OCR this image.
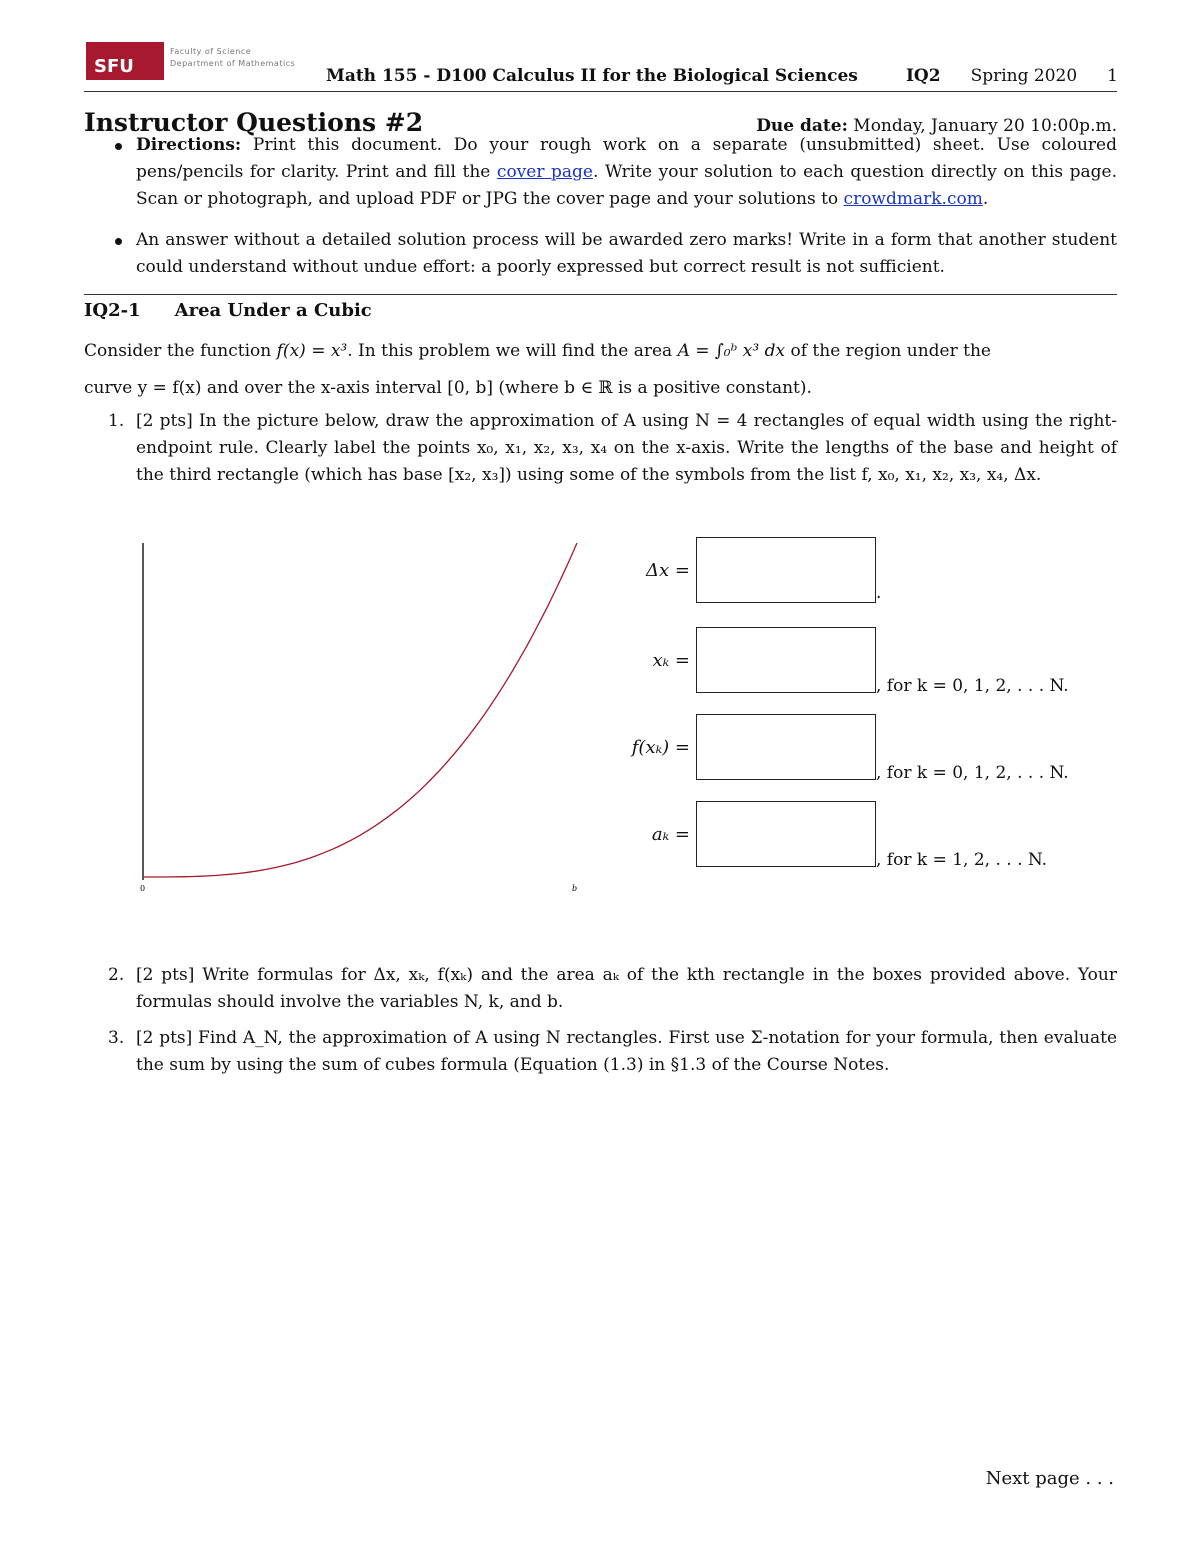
SFU
Faculty of Science
Department of Mathematics
Math 155 - D100 Calculus II for the Biological Sciences	IQ2 Spring 2020 1
Instructor Questions #2	Due date: Monday, January 20 10:00p.m.
Directions: Print this document. Do your rough work on a separate (unsubmitted) sheet. Use coloured pens/pencils for clarity. Print and fill the cover page. Write your solution to each question directly on this page. Scan or photograph, and upload PDF or JPG the cover page and your solutions to crowdmark.com.
An answer without a detailed solution process will be awarded zero marks! Write in a form that another student could understand without undue effort: a poorly expressed but correct result is not sufficient.
IQ2-1 Area Under a Cubic
Consider the function f(x) = x³. In this problem we will find the area A = ∫₀ᵇ x³ dx of the region under the
curve y = f(x) and over the x-axis interval [0, b] (where b ∈ ℝ is a positive constant).
1. [2 pts] In the picture below, draw the approximation of A using N = 4 rectangles of equal width using the right-endpoint rule. Clearly label the points x₀, x₁, x₂, x₃, x₄ on the x-axis. Write the lengths of the base and height of the third rectangle (which has base [x₂, x₃]) using some of the symbols from the list f, x₀, x₁, x₂, x₃, x₄, Δx.
0	b
Δx =
.
xₖ =
, for k = 0, 1, 2, . . . N.
f(xₖ) =
, for k = 0, 1, 2, . . . N.
aₖ =
, for k = 1, 2, . . . N.
2. [2 pts] Write formulas for Δx, xₖ, f(xₖ) and the area aₖ of the kth rectangle in the boxes provided above. Your formulas should involve the variables N, k, and b.
3. [2 pts] Find A_N, the approximation of A using N rectangles. First use Σ-notation for your formula, then evaluate the sum by using the sum of cubes formula (Equation (1.3) in §1.3 of the Course Notes.
Next page . . .
